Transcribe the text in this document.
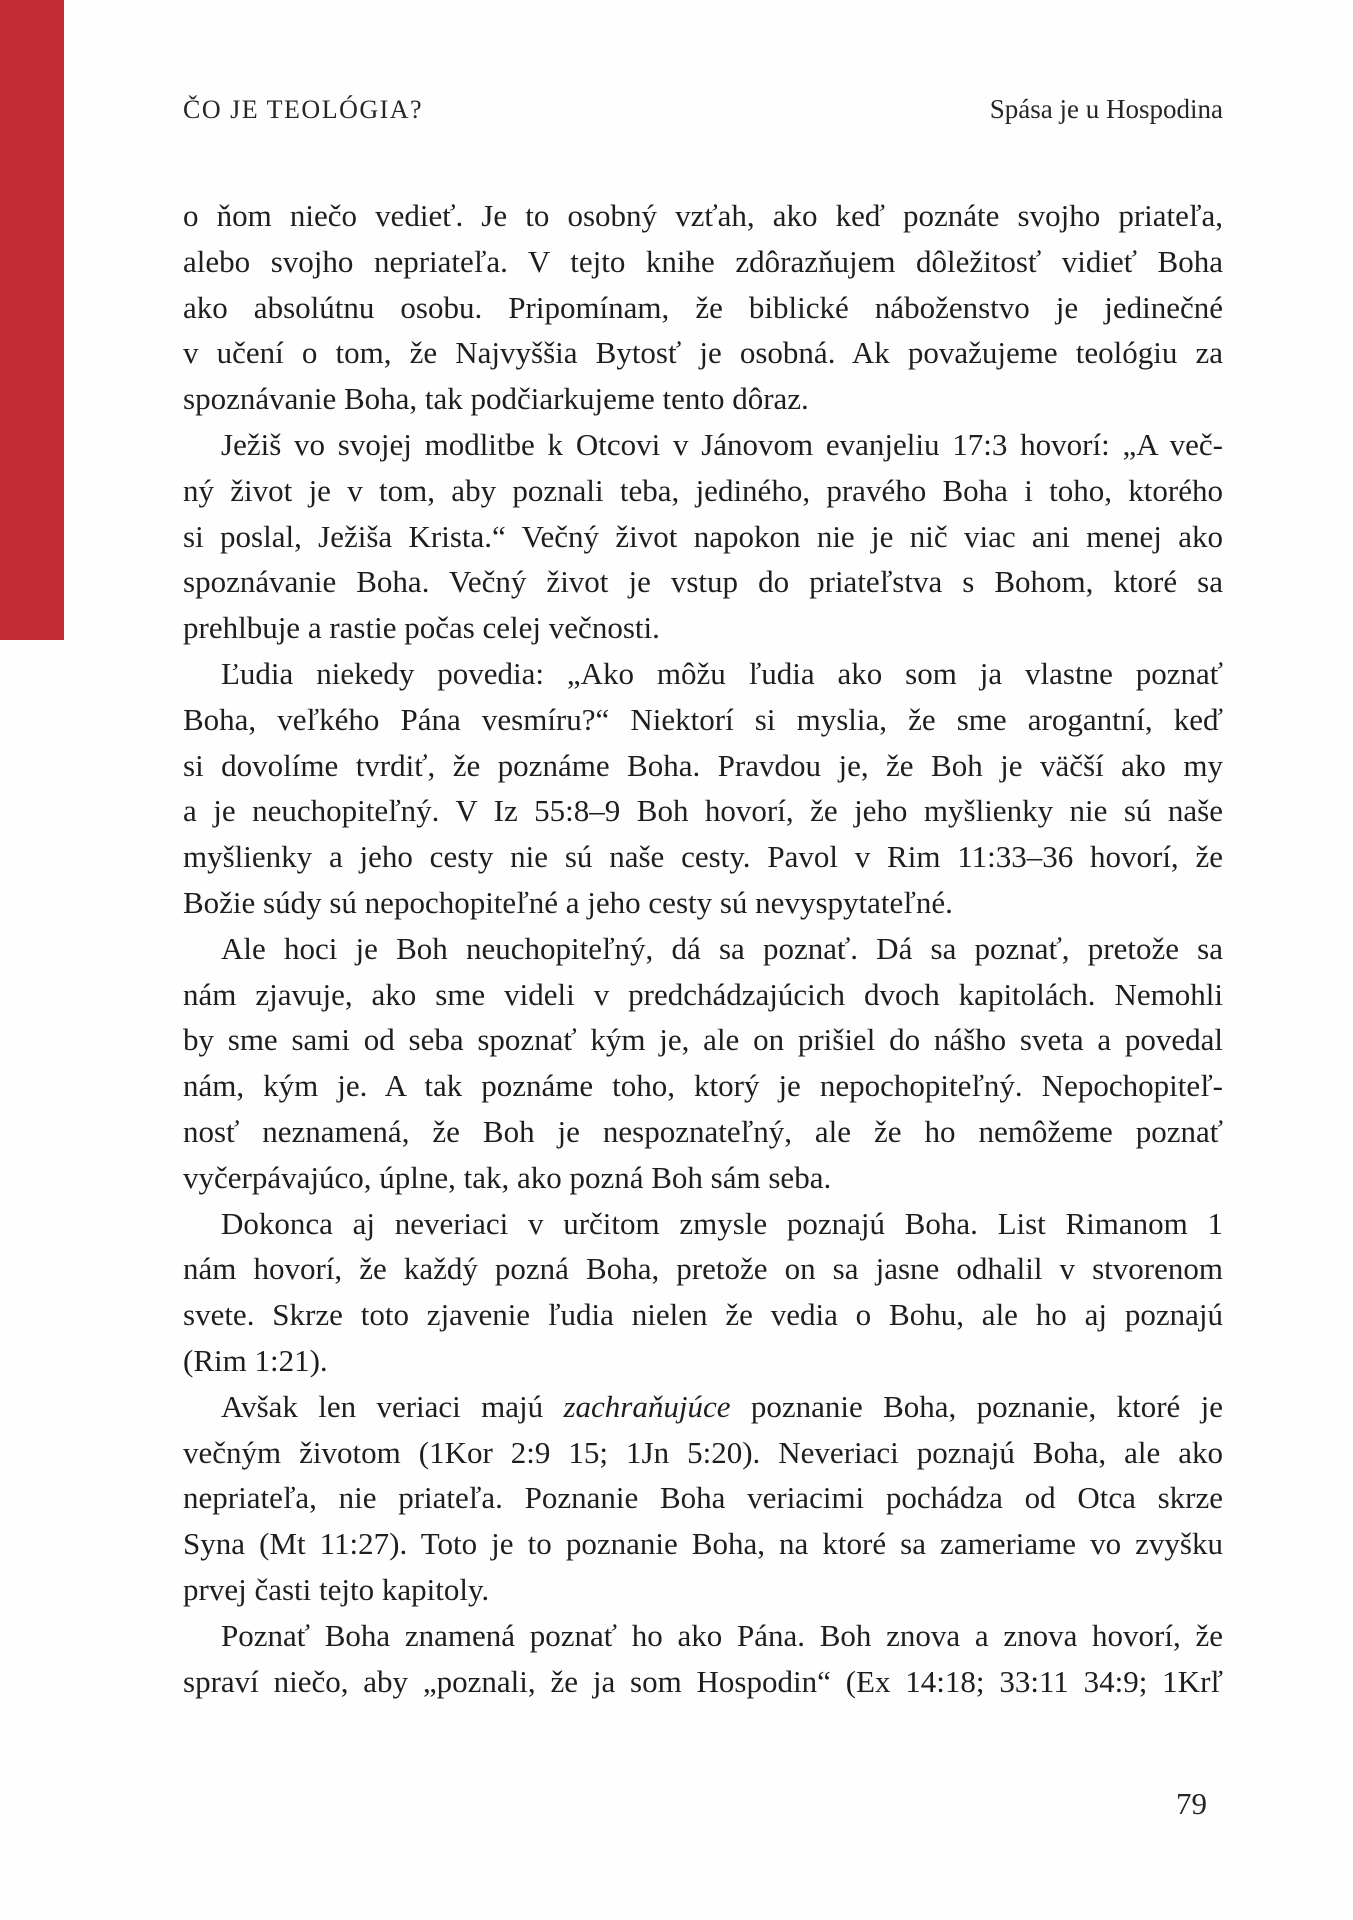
ČO JE TEOLÓGIA?	Spása je u Hospodina
o ňom niečo vedieť. Je to osobný vzťah, ako keď poznáte svojho priateľa,
alebo svojho nepriateľa. V tejto knihe zdôrazňujem dôležitosť vidieť Boha
ako absolútnu osobu. Pripomínam, že biblické náboženstvo je jedinečné
v učení o tom, že Najvyššia Bytosť je osobná. Ak považujeme teológiu za
spoznávanie Boha, tak podčiarkujeme tento dôraz.
Ježiš vo svojej modlitbe k Otcovi v Jánovom evanjeliu 17:3 hovorí: „A več-
ný život je v tom, aby poznali teba, jediného, pravého Boha i toho, ktorého
si poslal, Ježiša Krista.“ Večný život napokon nie je nič viac ani menej ako
spoznávanie Boha. Večný život je vstup do priateľstva s Bohom, ktoré sa
prehlbuje a rastie počas celej večnosti.
Ľudia niekedy povedia: „Ako môžu ľudia ako som ja vlastne poznať
Boha, veľkého Pána vesmíru?“ Niektorí si myslia, že sme arogantní, keď
si dovolíme tvrdiť, že poznáme Boha. Pravdou je, že Boh je väčší ako my
a je neuchopiteľný. V Iz 55:8–9 Boh hovorí, že jeho myšlienky nie sú naše
myšlienky a jeho cesty nie sú naše cesty. Pavol v Rim 11:33–36 hovorí, že
Božie súdy sú nepochopiteľné a jeho cesty sú nevyspytateľné.
Ale hoci je Boh neuchopiteľný, dá sa poznať. Dá sa poznať, pretože sa
nám zjavuje, ako sme videli v predchádzajúcich dvoch kapitolách. Nemohli
by sme sami od seba spoznať kým je, ale on prišiel do nášho sveta a povedal
nám, kým je. A tak poznáme toho, ktorý je nepochopiteľný. Nepochopiteľ-
nosť neznamená, že Boh je nespoznateľný, ale že ho nemôžeme poznať
vyčerpávajúco, úplne, tak, ako pozná Boh sám seba.
Dokonca aj neveriaci v určitom zmysle poznajú Boha. List Rimanom 1
nám hovorí, že každý pozná Boha, pretože on sa jasne odhalil v stvorenom
svete. Skrze toto zjavenie ľudia nielen že vedia o Bohu, ale ho aj poznajú
(Rim 1:21).
Avšak len veriaci majú zachraňujúce poznanie Boha, poznanie, ktoré je
večným životom (1Kor 2:9 15; 1Jn 5:20). Neveriaci poznajú Boha, ale ako
nepriateľa, nie priateľa. Poznanie Boha veriacimi pochádza od Otca skrze
Syna (Mt 11:27). Toto je to poznanie Boha, na ktoré sa zameriame vo zvyšku
prvej časti tejto kapitoly.
Poznať Boha znamená poznať ho ako Pána. Boh znova a znova hovorí, že
spraví niečo, aby „poznali, že ja som Hospodin“ (Ex 14:18; 33:11 34:9; 1Krľ
79
